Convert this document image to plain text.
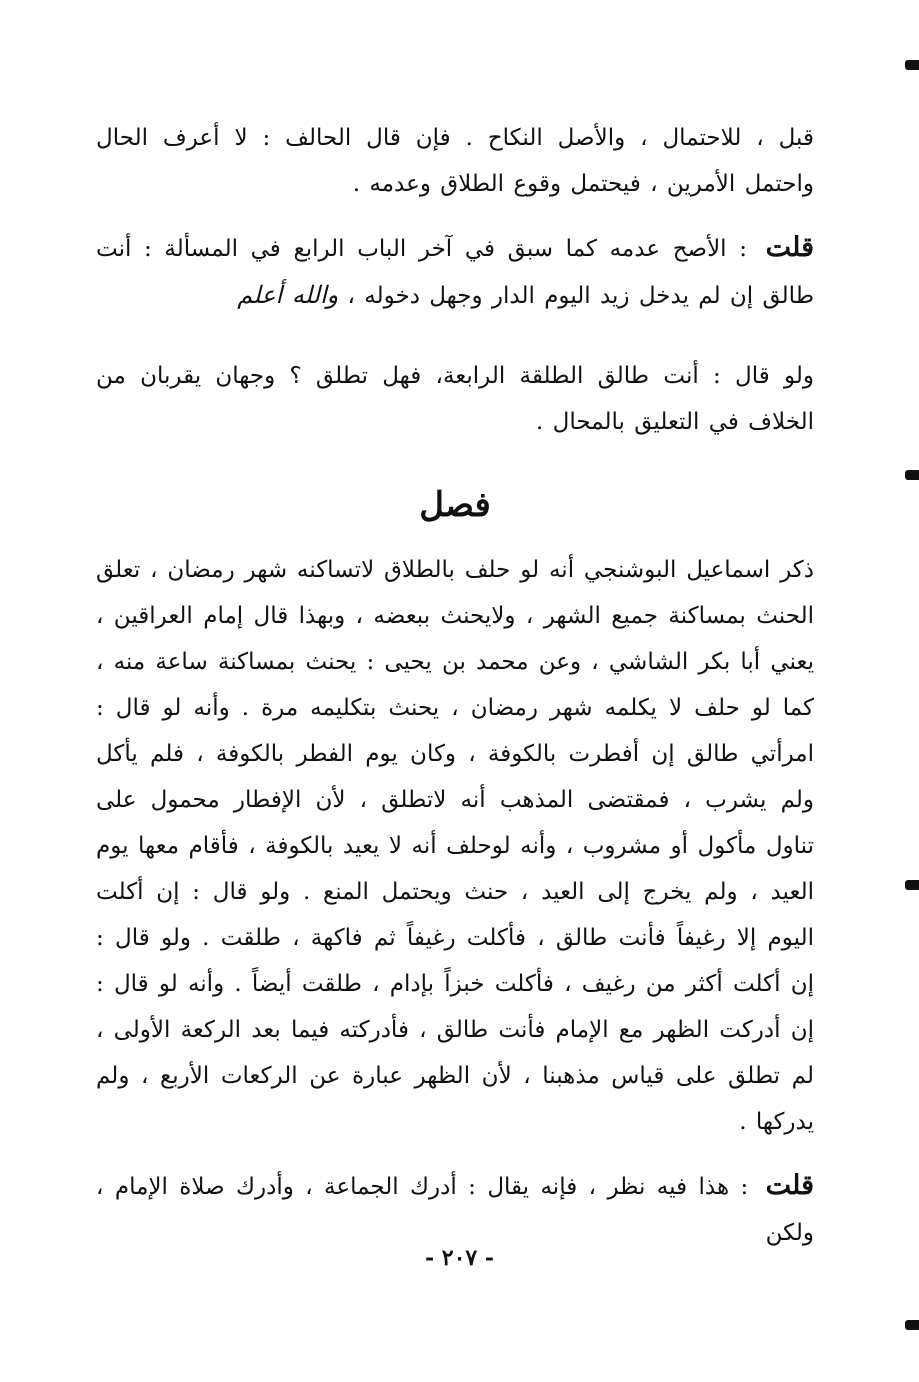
قبل ، للاحتمال ، والأصل النكاح . فإن قال الحالف : لا أعرف الحال واحتمل الأمرين ، فيحتمل وقوع الطلاق وعدمه .

قلت : الأصح عدمه كما سبق في آخر الباب الرابع في المسألة : أنت طالق إن لم يدخل زيد اليوم الدار وجهل دخوله ، والله أعلم

ولو قال : أنت طالق الطلقة الرابعة، فهل تطلق ؟ وجهان يقربان من الخلاف في التعليق بالمحال .

فصل

ذكر اسماعيل البوشنجي أنه لو حلف بالطلاق لاتساكنه شهر رمضان ، تعلق الحنث بمساكنة جميع الشهر ، ولايحنث ببعضه ، وبهذا قال إمام العراقين ، يعني أبا بكر الشاشي ، وعن محمد بن يحيى : يحنث بمساكنة ساعة منه ، كما لو حلف لا يكلمه شهر رمضان ، يحنث بتكليمه مرة . وأنه لو قال : امرأتي طالق إن أفطرت بالكوفة ، وكان يوم الفطر بالكوفة ، فلم يأكل ولم يشرب ، فمقتضى المذهب أنه لاتطلق ، لأن الإفطار محمول على تناول مأكول أو مشروب ، وأنه لوحلف أنه لا يعيد بالكوفة ، فأقام معها يوم العيد ، ولم يخرج إلى العيد ، حنث ويحتمل المنع . ولو قال : إن أكلت اليوم إلا رغيفاً فأنت طالق ، فأكلت رغيفاً ثم فاكهة ، طلقت . ولو قال : إن أكلت أكثر من رغيف ، فأكلت خبزاً بإدام ، طلقت أيضاً . وأنه لو قال : إن أدركت الظهر مع الإمام فأنت طالق ، فأدركته فيما بعد الركعة الأولى ، لم تطلق على قياس مذهبنا ، لأن الظهر عبارة عن الركعات الأربع ، ولم يدركها .

قلت : هذا فيه نظر ، فإنه يقال : أدرك الجماعة ، وأدرك صلاة الإمام ، ولكن

- ٢٠٧ -
